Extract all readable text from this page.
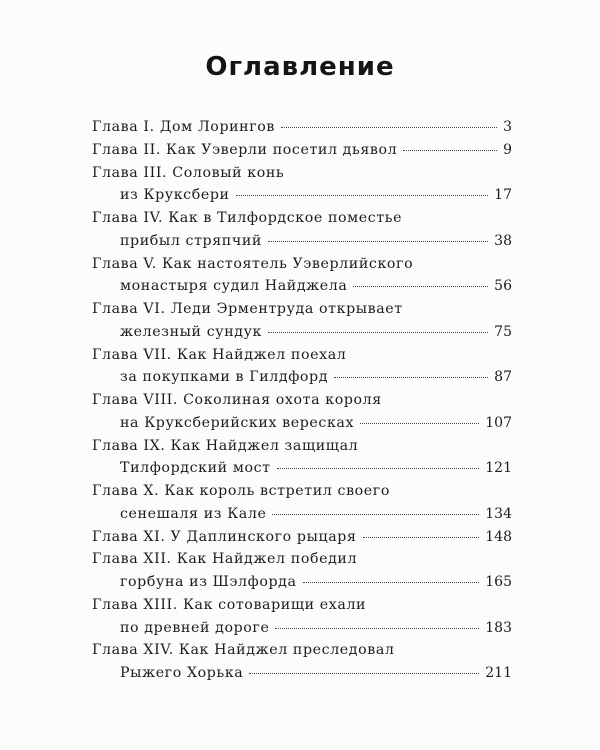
Оглавление
Глава I. Дом Лорингов	3
Глава II. Как Уэверли посетил дьявол	9
Глава III. Соловый конь
из Круксбери	17
Глава IV. Как в Тилфордское поместье
прибыл стряпчий	38
Глава V. Как настоятель Уэверлийского
монастыря судил Найджела	56
Глава VI. Леди Эрментруда открывает
железный сундук	75
Глава VII. Как Найджел поехал
за покупками в Гилдфорд	87
Глава VIII. Соколиная охота короля
на Круксберийских вересках	107
Глава IX. Как Найджел защищал
Тилфордский мост	121
Глава X. Как король встретил своего
сенешаля из Кале	134
Глава XI. У Даплинского рыцаря	148
Глава XII. Как Найджел победил
горбуна из Шэлфорда	165
Глава XIII. Как сотоварищи ехали
по древней дороге	183
Глава XIV. Как Найджел преследовал
Рыжего Хорька	211
